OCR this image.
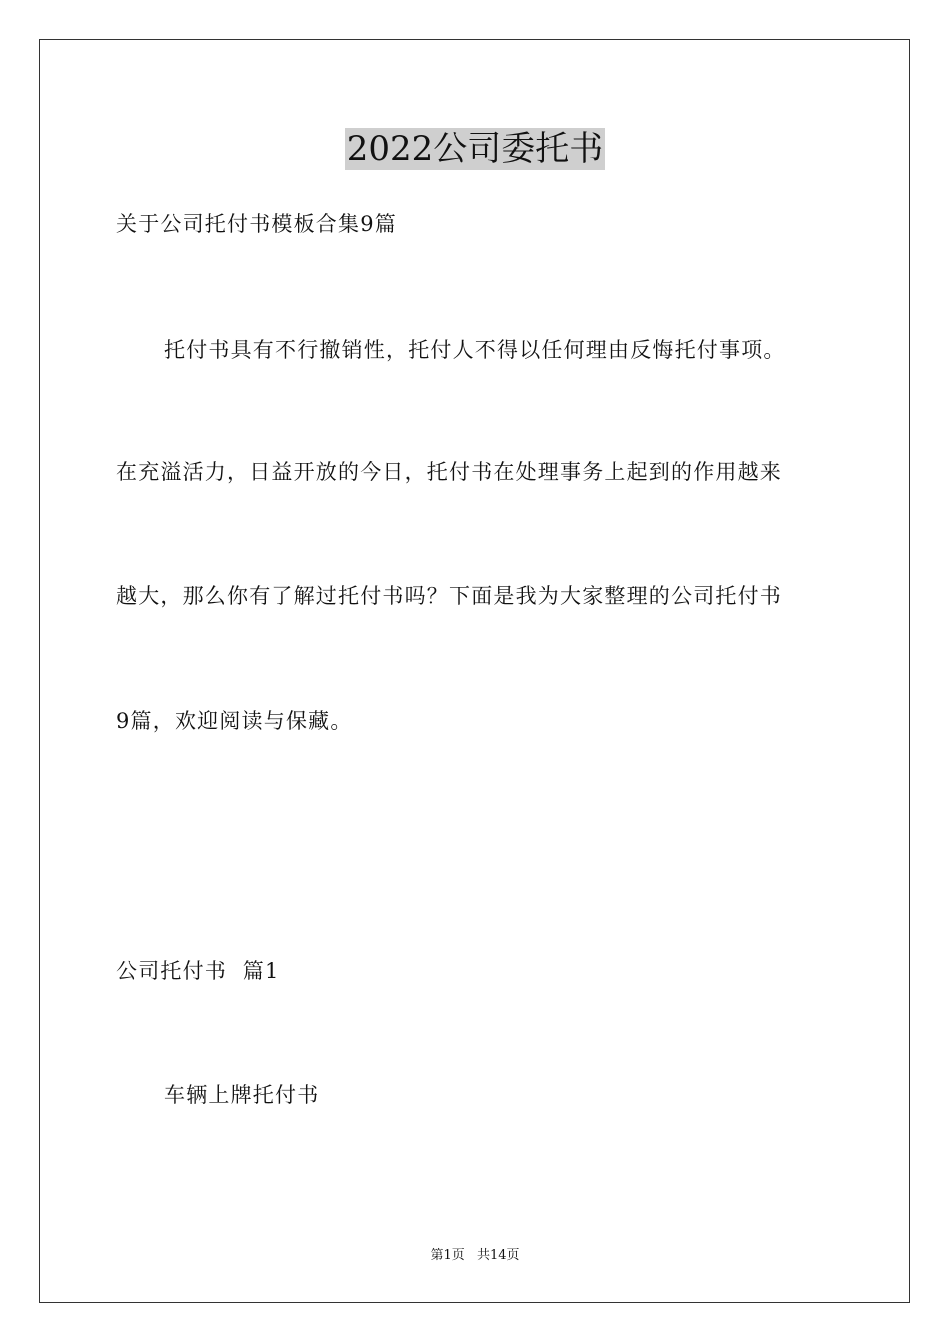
2022公司委托书
关于公司托付书模板合集9篇
托付书具有不行撤销性，托付人不得以任何理由反悔托付事项。
在充溢活力，日益开放的今日，托付书在处理事务上起到的作用越来
越大，那么你有了解过托付书吗？下面是我为大家整理的公司托付书
9篇，欢迎阅读与保藏。
公司托付书  篇1
车辆上牌托付书
第1页 共14页
